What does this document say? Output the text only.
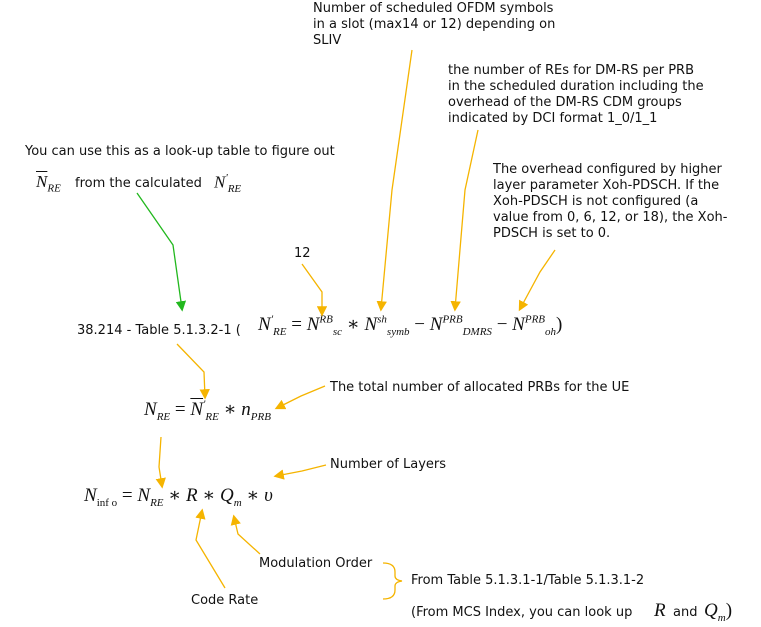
Number of scheduled OFDM symbols
in a slot (max14 or 12) depending on
SLIV
the number of REs for DM-RS per PRB
in the scheduled duration including the
overhead of the DM-RS CDM groups
indicated by DCI format 1_0/1_1
You can use this as a look-up table to figure out
$\overline{N}_{RE}$ from the calculated $N'_{RE}$
The overhead configured by higher
layer parameter Xoh-PDSCH. If the
Xoh-PDSCH is not configured (a
value from 0, 6, 12, or 18), the Xoh-
PDSCH is set to 0.
12
38.214 - Table 5.1.3.2-1 ( $N'_{RE} = N^{RB}_{sc}$ ∗ $N^{sh}_{symb} - N^{PRB}_{DMRS} - N^{PRB}_{oh}$)
$N_{RE} = \overline{N}'_{RE}$ ∗ $n_{PRB}$
The total number of allocated PRBs for the UE
$N_{inf o} = N_{RE}$ ∗ R ∗ $Q_m$ ∗ υ
Number of Layers
Modulation Order
Code Rate
From Table 5.1.3.1-1/Table 5.1.3.1-2
(From MCS Index, you can look up R and $Q_m$)
